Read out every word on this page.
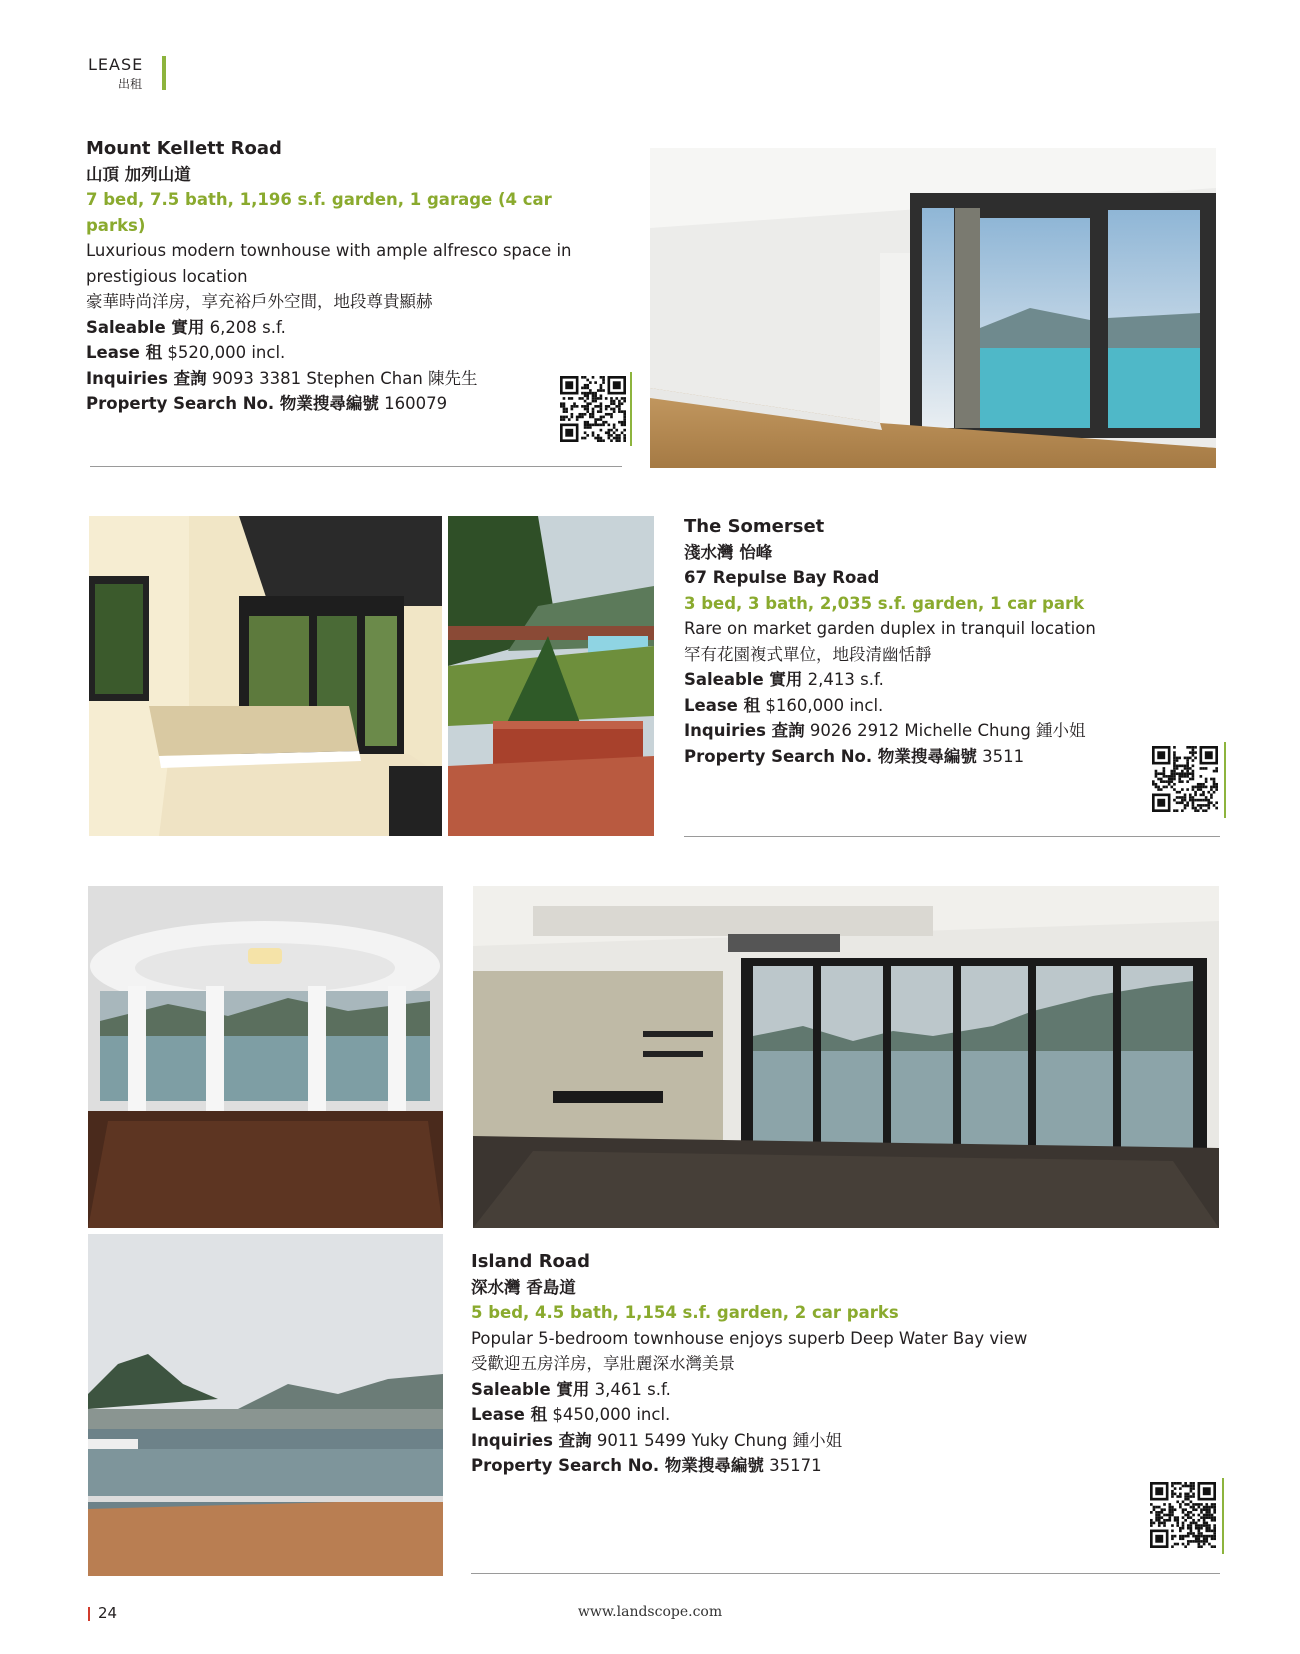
LEASE
出租
Mount Kellett Road
山頂 加列山道
7 bed, 7.5 bath, 1,196 s.f. garden, 1 garage (4 car parks)
Luxurious modern townhouse with ample alfresco space in
prestigious location
豪華時尚洋房，享充裕戶外空間，地段尊貴顯赫
Saleable 實用 6,208 s.f.
Lease 租 $520,000 incl.
Inquiries 查詢 9093 3381 Stephen Chan 陳先生
Property Search No. 物業搜尋編號 160079
The Somerset
淺水灣 怡峰
67 Repulse Bay Road
3 bed, 3 bath, 2,035 s.f. garden, 1 car park
Rare on market garden duplex in tranquil location
罕有花園複式單位，地段清幽恬靜
Saleable 實用 2,413 s.f.
Lease 租 $160,000 incl.
Inquiries 查詢 9026 2912 Michelle Chung 鍾小姐
Property Search No. 物業搜尋編號 3511
Island Road
深水灣 香島道
5 bed, 4.5 bath, 1,154 s.f. garden, 2 car parks
Popular 5-bedroom townhouse enjoys superb Deep Water Bay view
受歡迎五房洋房，享壯麗深水灣美景
Saleable 實用 3,461 s.f.
Lease 租 $450,000 incl.
Inquiries 查詢 9011 5499 Yuky Chung 鍾小姐
Property Search No. 物業搜尋編號 35171
24	www.landscope.com
